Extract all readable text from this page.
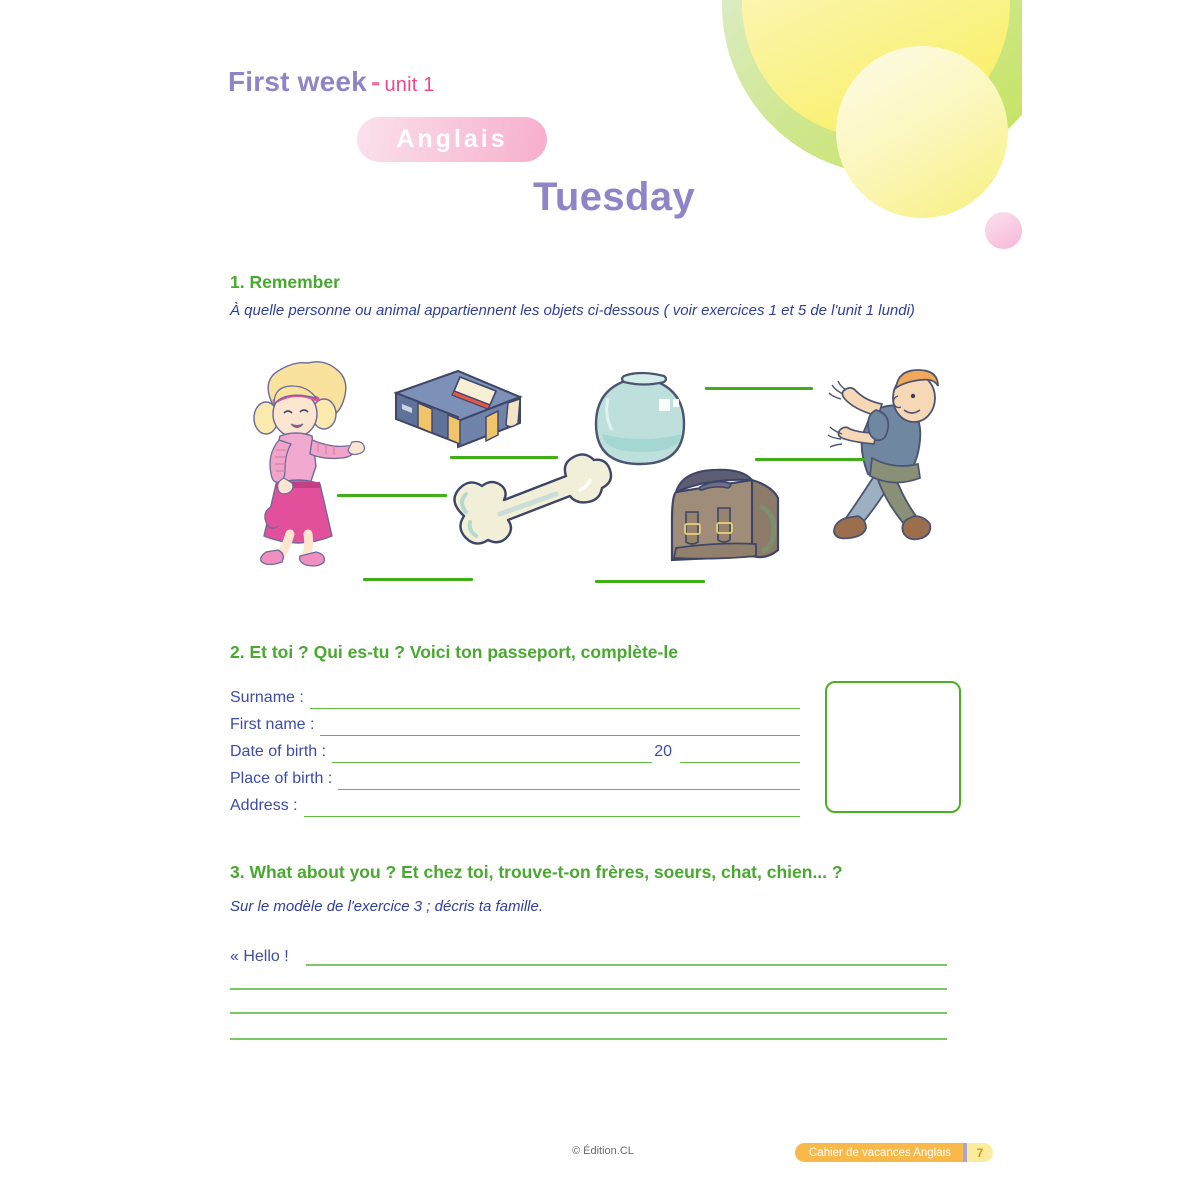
First week - unit 1
Anglais
Tuesday
1. Remember
À quelle personne ou animal appartiennent les objets ci-dessous ( voir exercices 1 et 5 de l'unit 1 lundi)
2. Et toi ? Qui es-tu ? Voici ton passeport, complète-le
Surname :
First name :
Date of birth :	20
Place of birth :
Address :
3. What about you ? Et chez toi, trouve-t-on frères, soeurs, chat, chien... ?
Sur le modèle de l'exercice 3 ; décris ta famille.
« Hello !
© Édition.CL	Cahier de vacances Anglais	7
